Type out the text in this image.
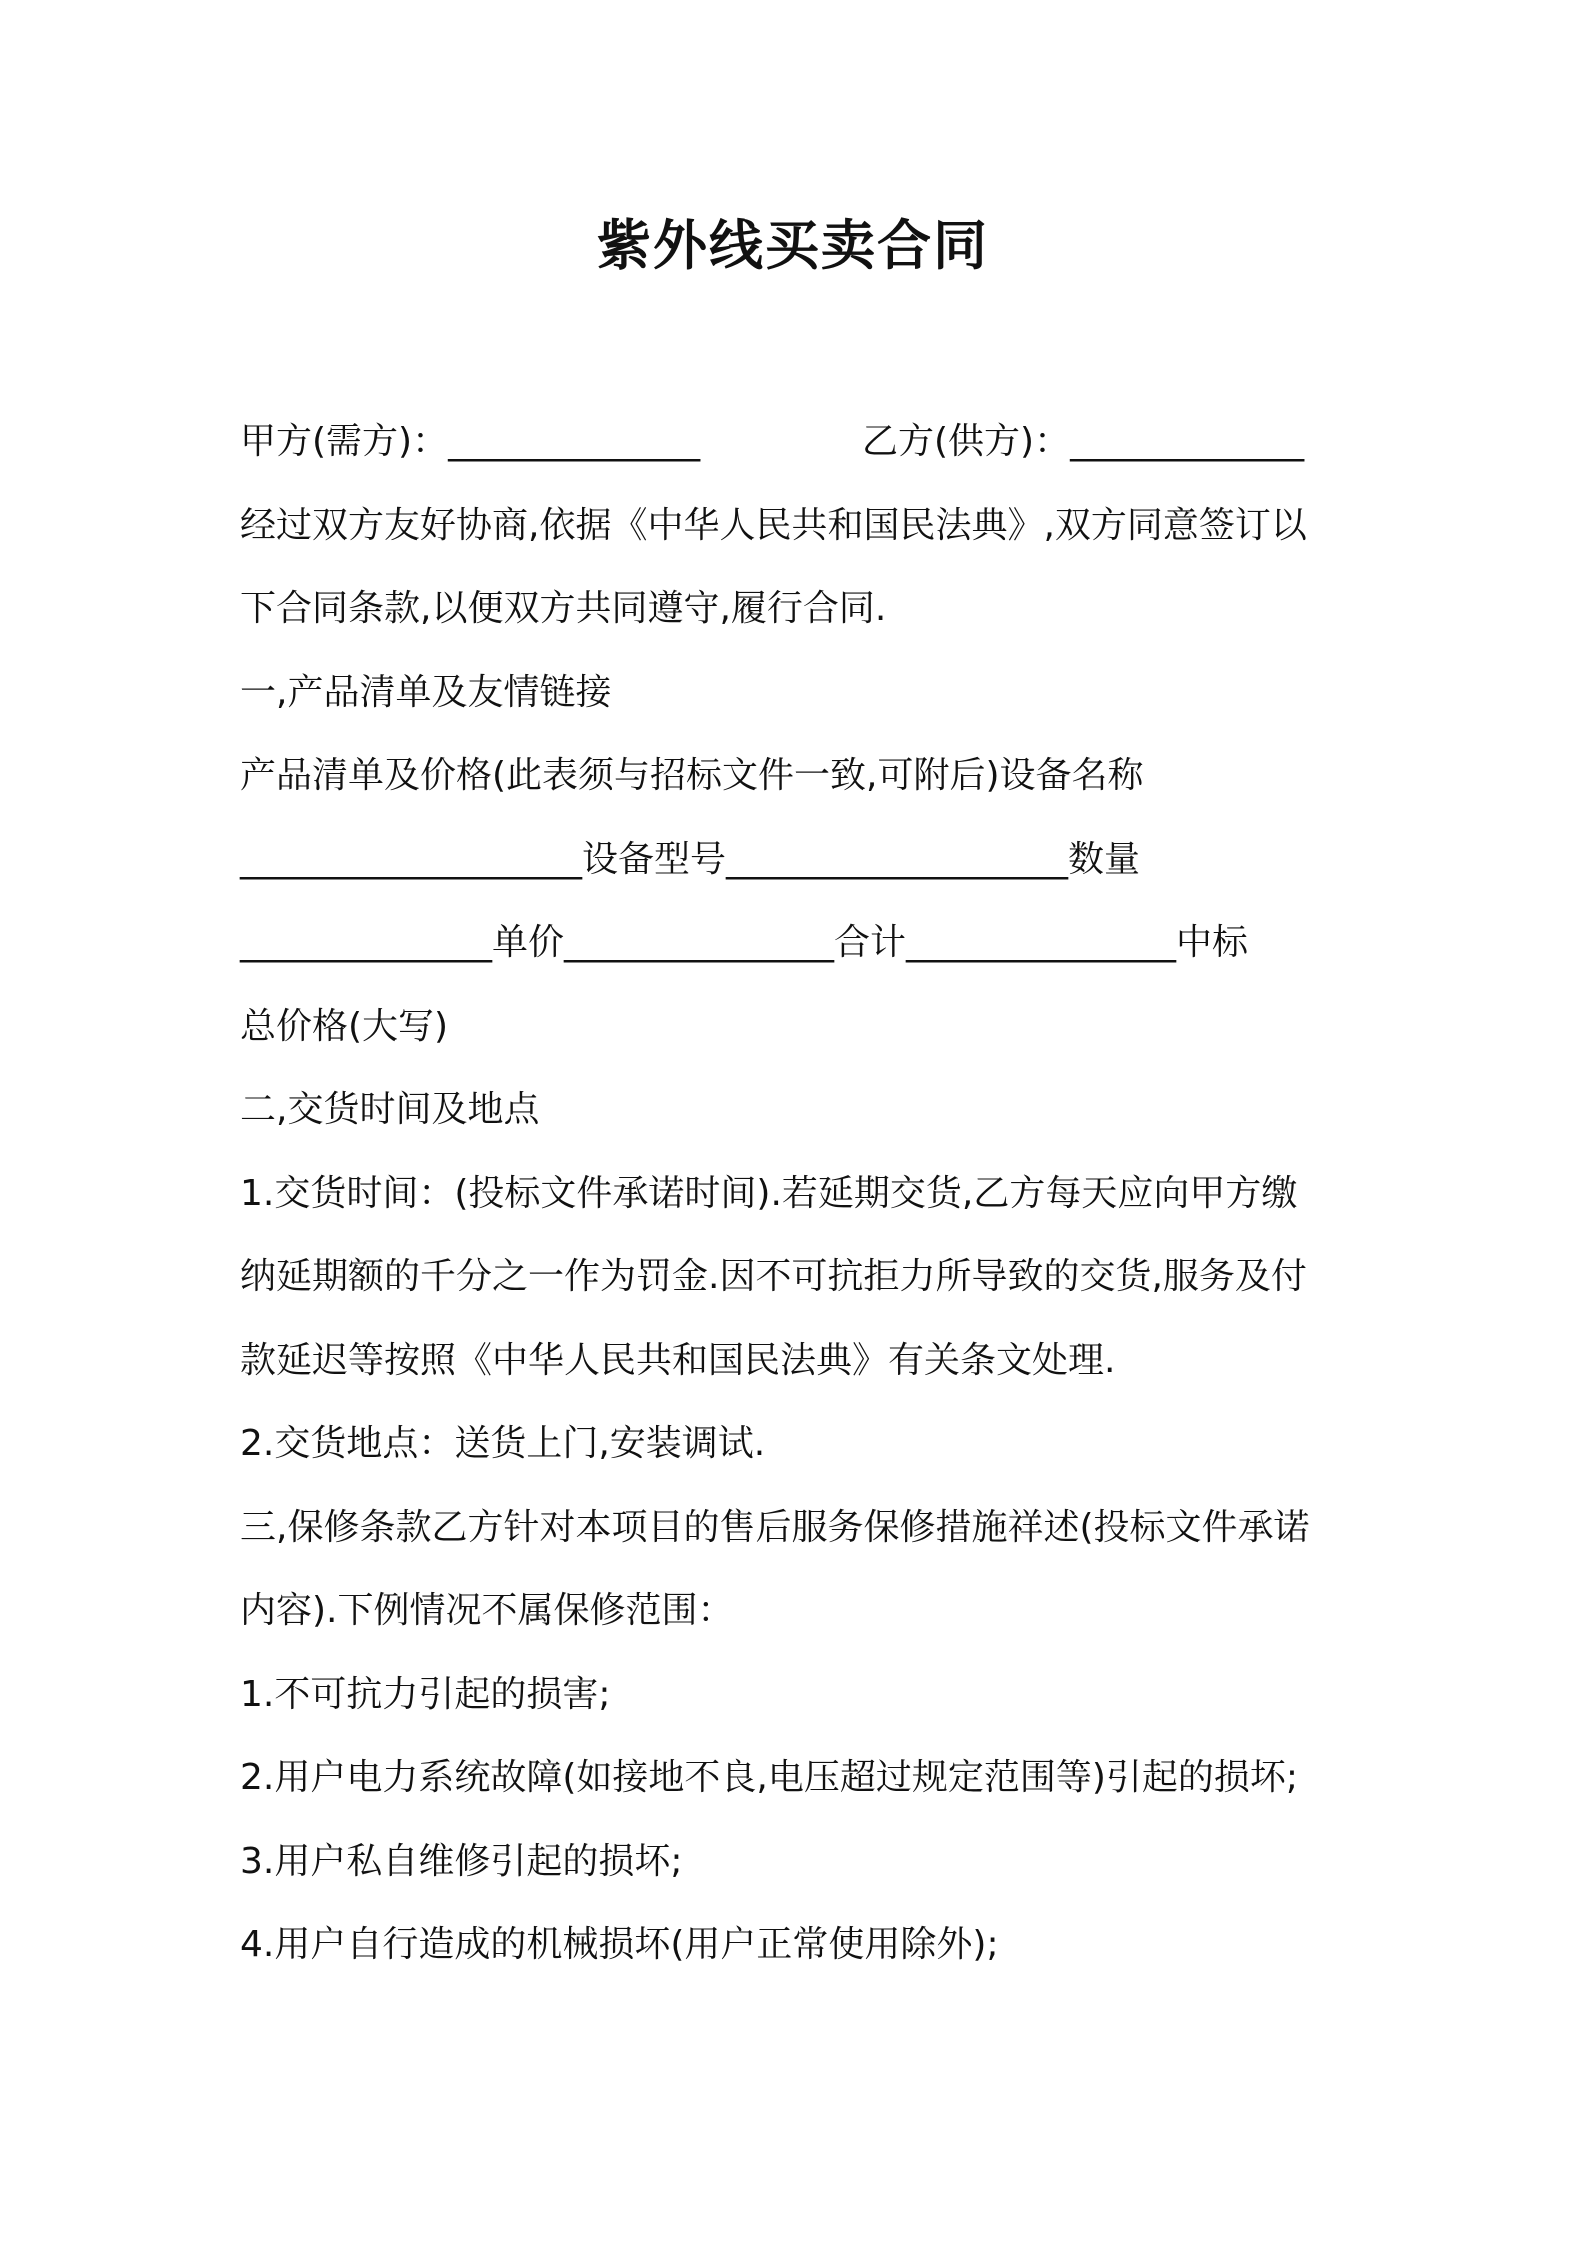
紫外线买卖合同
甲方(需方)：______________	乙方(供方)：_____________
经过双方友好协商,依据《中华人民共和国民法典》,双方同意签订以
下合同条款,以便双方共同遵守,履行合同.
一,产品清单及友情链接
产品清单及价格(此表须与招标文件一致,可附后)设备名称
___________________设备型号___________________数量
______________单价_______________合计_______________中标
总价格(大写)
二,交货时间及地点
1.交货时间：(投标文件承诺时间).若延期交货,乙方每天应向甲方缴
纳延期额的千分之一作为罚金.因不可抗拒力所导致的交货,服务及付
款延迟等按照《中华人民共和国民法典》有关条文处理.
2.交货地点：送货上门,安装调试.
三,保修条款乙方针对本项目的售后服务保修措施祥述(投标文件承诺
内容).下例情况不属保修范围：
1.不可抗力引起的损害;
2.用户电力系统故障(如接地不良,电压超过规定范围等)引起的损坏;
3.用户私自维修引起的损坏;
4.用户自行造成的机械损坏(用户正常使用除外);
